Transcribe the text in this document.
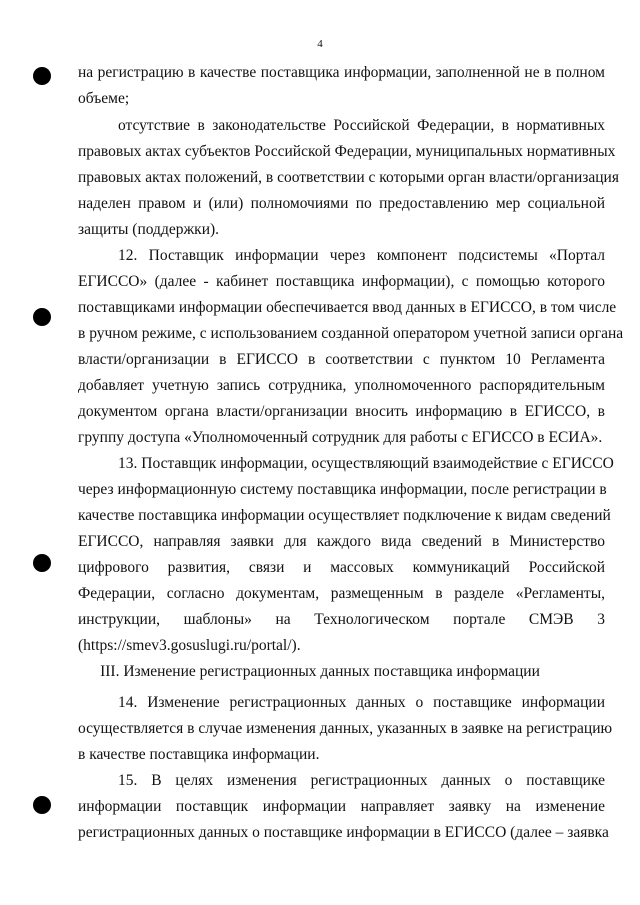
4
на регистрацию в качестве поставщика информации, заполненной не в полном
объеме;
отсутствие в законодательстве Российской Федерации, в нормативных
правовых актах субъектов Российской Федерации, муниципальных нормативных
правовых актах положений, в соответствии с которыми орган власти/организация
наделен правом и (или) полномочиями по предоставлению мер социальной
защиты (поддержки).
12. Поставщик информации через компонент подсистемы «Портал
ЕГИССО» (далее - кабинет поставщика информации), с помощью которого
поставщиками информации обеспечивается ввод данных в ЕГИССО, в том числе
в ручном режиме, с использованием созданной оператором учетной записи органа
власти/организации в ЕГИССО в соответствии с пунктом 10 Регламента
добавляет учетную запись сотрудника, уполномоченного распорядительным
документом органа власти/организации вносить информацию в ЕГИССО, в
группу доступа «Уполномоченный сотрудник для работы с ЕГИССО в ЕСИА».
13. Поставщик информации, осуществляющий взаимодействие с ЕГИССО
через информационную систему поставщика информации, после регистрации в
качестве поставщика информации осуществляет подключение к видам сведений
ЕГИССО, направляя заявки для каждого вида сведений в Министерство
цифрового развития, связи и массовых коммуникаций Российской
Федерации, согласно документам, размещенным в разделе «Регламенты,
инструкции, шаблоны» на Технологическом портале СМЭВ 3
(https://smev3.gosuslugi.ru/portal/).
III. Изменение регистрационных данных поставщика информации
14. Изменение регистрационных данных о поставщике информации
осуществляется в случае изменения данных, указанных в заявке на регистрацию
в качестве поставщика информации.
15. В целях изменения регистрационных данных о поставщике
информации поставщик информации направляет заявку на изменение
регистрационных данных о поставщике информации в ЕГИССО (далее – заявка
